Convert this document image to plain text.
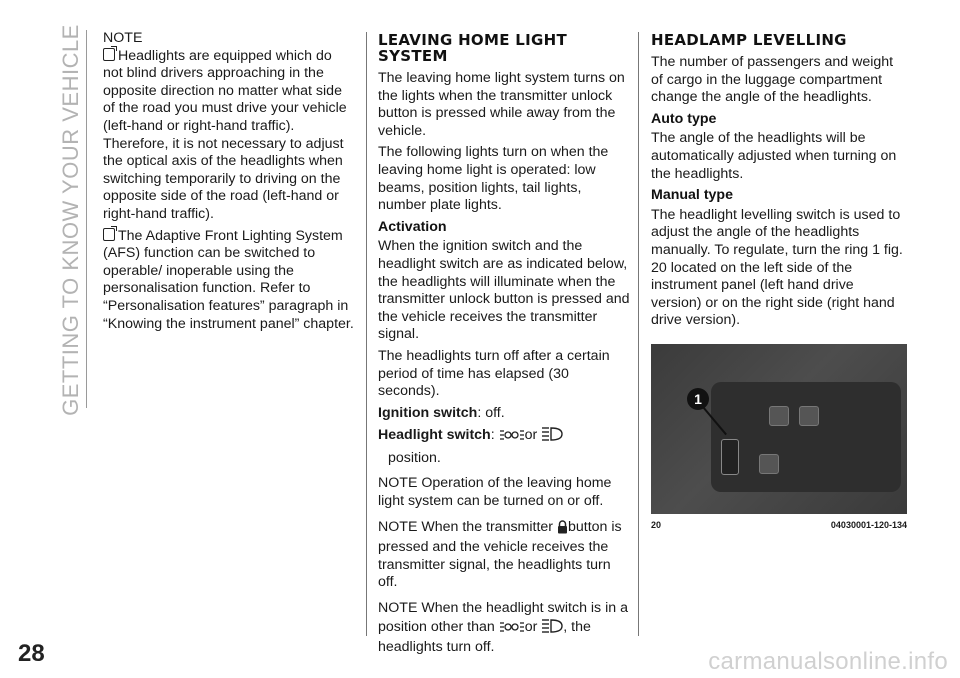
GETTING TO KNOW YOUR VEHICLE NOTE

Headlights are equipped which do not blind drivers approaching in the opposite direction no matter what side of the road you must drive your vehicle (left-hand or right-hand traffic). Therefore, it is not necessary to adjust the optical axis of the headlights when switching temporarily to driving on the opposite side of the road (left-hand or right-hand traffic).

The Adaptive Front Lighting System (AFS) function can be switched to operable/ inoperable using the personalisation function. Refer to “Personalisation features” paragraph in “Knowing the instrument panel” chapter.

LEAVING HOME LIGHT SYSTEM

The leaving home light system turns on the lights when the transmitter unlock button is pressed while away from the vehicle.

The following lights turn on when the leaving home light is operated: low beams, position lights, tail lights, number plate lights.

Activation

When the ignition switch and the headlight switch are as indicated below, the headlights will illuminate when the transmitter unlock button is pressed and the vehicle receives the transmitter signal.

The headlights turn off after a certain period of time has elapsed (30 seconds).

Ignition switch: off.

Headlight switch: or

position.

NOTE Operation of the leaving home light system can be turned on or off.

NOTE When the transmitter button is pressed and the vehicle receives the transmitter signal, the headlights turn off.

NOTE When the headlight switch is in a position other than or , the headlights turn off.

HEADLAMP LEVELLING

The number of passengers and weight of cargo in the luggage compartment change the angle of the headlights.

Auto type

The angle of the headlights will be automatically adjusted when turning on the headlights.

Manual type

The headlight levelling switch is used to adjust the angle of the headlights manually. To regulate, turn the ring 1 fig. 20 located on the left side of the instrument panel (left hand drive version) or on the right side (right hand drive version).

1
20	04030001-120-134
28	carmanualsonline.info
